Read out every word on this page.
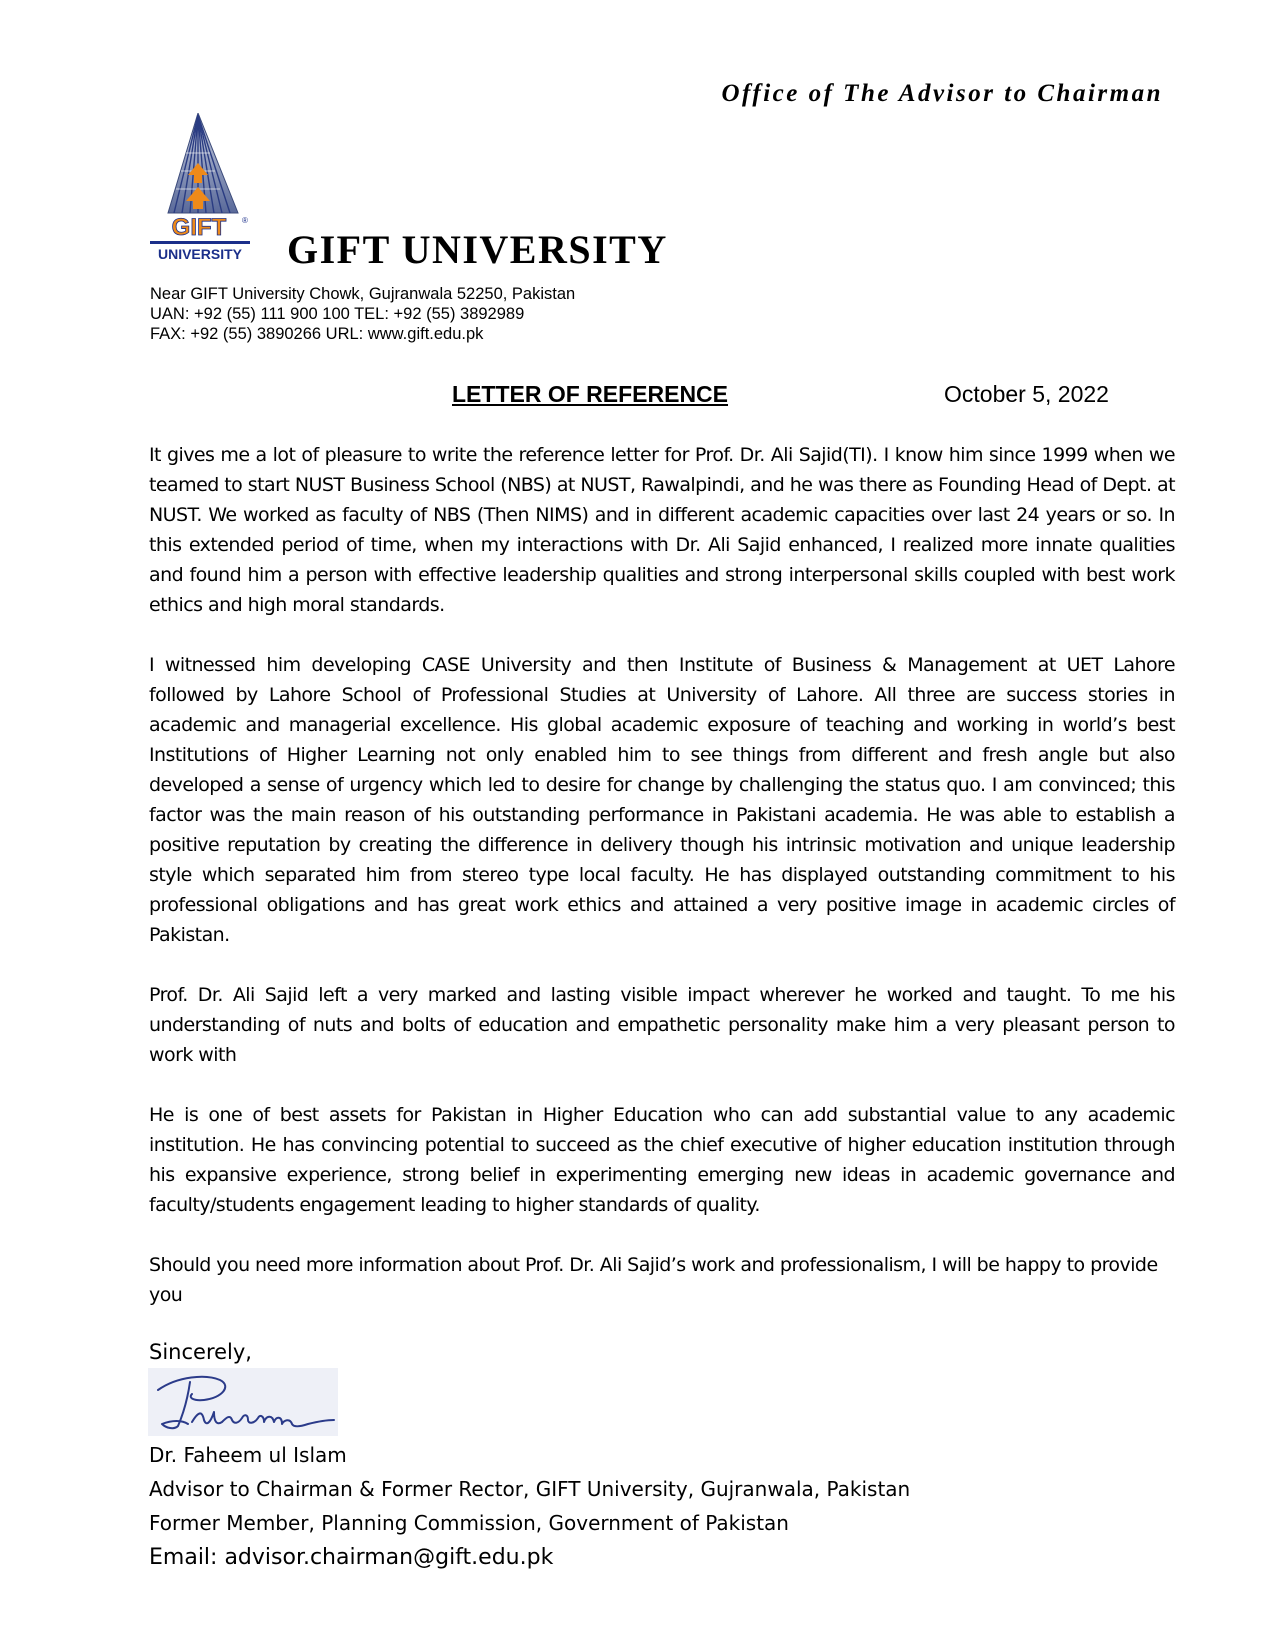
Office of The Advisor to Chairman
GIFT ®
UNIVERSITY GIFT UNIVERSITY
Near GIFT University Chowk, Gujranwala 52250, Pakistan
UAN: +92 (55) 111 900 100 TEL: +92 (55) 3892989
FAX: +92 (55) 3890266 URL: www.gift.edu.pk
LETTER OF REFERENCE	October 5, 2022

It gives me a lot of pleasure to write the reference letter for Prof. Dr. Ali Sajid(TI). I know him since 1999 when we teamed to start NUST Business School (NBS) at NUST, Rawalpindi, and he was there as Founding Head of Dept. at NUST. We worked as faculty of NBS (Then NIMS) and in different academic capacities over last 24 years or so. In this extended period of time, when my interactions with Dr. Ali Sajid enhanced, I realized more innate qualities and found him a person with effective leadership qualities and strong interpersonal skills coupled with best work ethics and high moral standards.

I witnessed him developing CASE University and then Institute of Business & Management at UET Lahore followed by Lahore School of Professional Studies at University of Lahore. All three are success stories in academic and managerial excellence. His global academic exposure of teaching and working in world’s best Institutions of Higher Learning not only enabled him to see things from different and fresh angle but also developed a sense of urgency which led to desire for change by challenging the status quo. I am convinced; this factor was the main reason of his outstanding performance in Pakistani academia. He was able to establish a positive reputation by creating the difference in delivery though his intrinsic motivation and unique leadership style which separated him from stereo type local faculty. He has displayed outstanding commitment to his professional obligations and has great work ethics and attained a very positive image in academic circles of Pakistan.

Prof. Dr. Ali Sajid left a very marked and lasting visible impact wherever he worked and taught. To me his understanding of nuts and bolts of education and empathetic personality make him a very pleasant person to work with

He is one of best assets for Pakistan in Higher Education who can add substantial value to any academic institution. He has convincing potential to succeed as the chief executive of higher education institution through his expansive experience, strong belief in experimenting emerging new ideas in academic governance and faculty/students engagement leading to higher standards of quality.

Should you need more information about Prof. Dr. Ali Sajid’s work and professionalism, I will be happy to provide you

Sincerely,
Dr. Faheem ul Islam
Advisor to Chairman & Former Rector, GIFT University, Gujranwala, Pakistan
Former Member, Planning Commission, Government of Pakistan
Email: advisor.chairman@gift.edu.pk
